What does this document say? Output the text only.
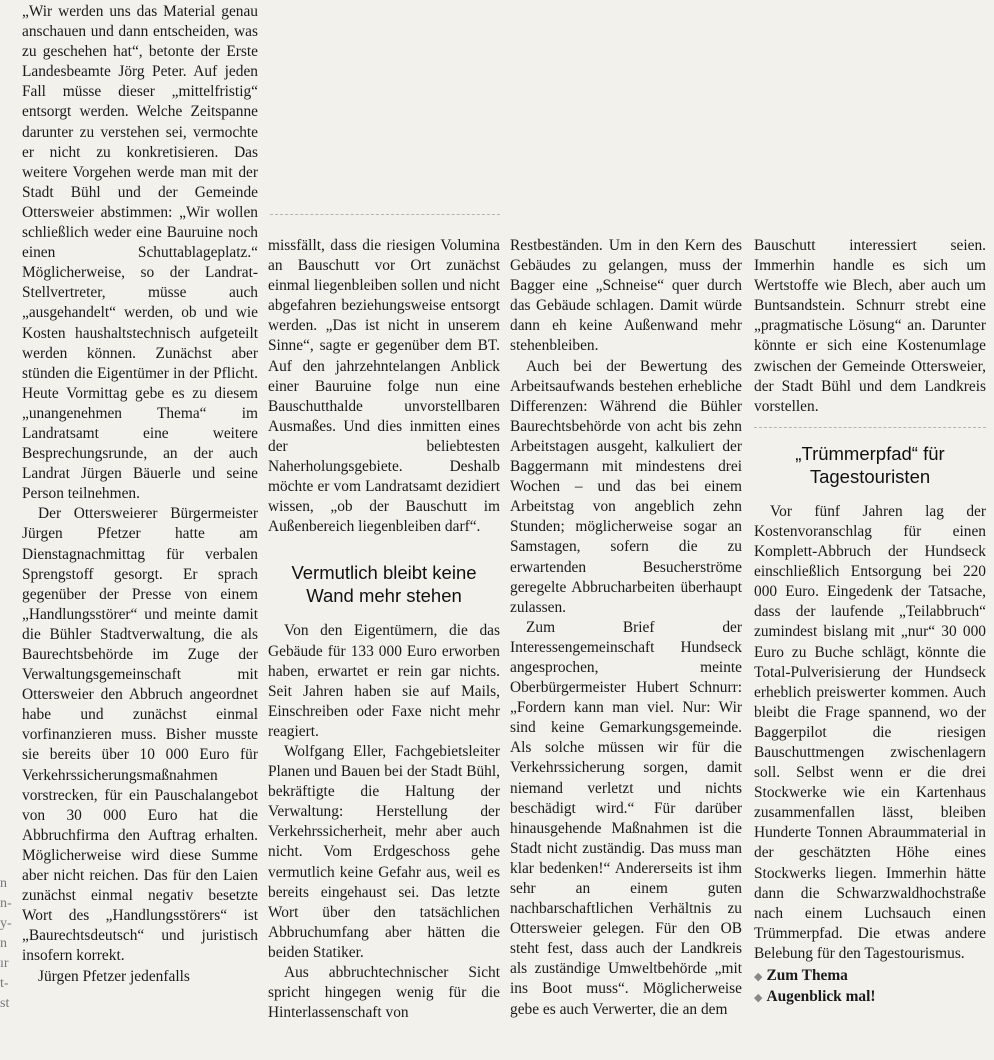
n
n-
y-
n
ır
t-
st

„Wir werden uns das Material genau anschauen und dann entscheiden, was zu geschehen hat“, betonte der Erste Landesbeamte Jörg Peter. Auf jeden Fall müsse dieser „mittelfristig“ entsorgt werden. Welche Zeitspanne darunter zu verstehen sei, vermochte er nicht zu konkretisieren. Das weitere Vorgehen werde man mit der Stadt Bühl und der Gemeinde Ottersweier abstimmen: „Wir wollen schließlich weder eine Bauruine noch einen Schuttablageplatz.“ Möglicherweise, so der Landrat-Stellvertreter, müsse auch „ausgehandelt“ werden, ob und wie Kosten haushaltstechnisch aufgeteilt werden können. Zunächst aber stünden die Eigentümer in der Pflicht. Heute Vormittag gebe es zu diesem „unangenehmen Thema“ im Landratsamt eine weitere Besprechungsrunde, an der auch Landrat Jürgen Bäuerle und seine Person teilnehmen.

Der Ottersweierer Bürgermeister Jürgen Pfetzer hatte am Dienstagnachmittag für verbalen Sprengstoff gesorgt. Er sprach gegenüber der Presse von einem „Handlungsstörer“ und meinte damit die Bühler Stadtverwaltung, die als Baurechtsbehörde im Zuge der Verwaltungsgemeinschaft mit Ottersweier den Abbruch angeordnet habe und zunächst einmal vorfinanzieren muss. Bisher musste sie bereits über 10 000 Euro für Verkehrssicherungsmaßnahmen vorstrecken, für ein Pauschalangebot von 30 000 Euro hat die Abbruchfirma den Auftrag erhalten. Möglicherweise wird diese Summe aber nicht reichen. Das für den Laien zunächst einmal negativ besetzte Wort des „Handlungsstörers“ ist „Baurechtsdeutsch“ und juristisch insofern korrekt.

Jürgen Pfetzer jedenfalls

missfällt, dass die riesigen Volumina an Bauschutt vor Ort zunächst einmal liegenbleiben sollen und nicht abgefahren beziehungsweise entsorgt werden. „Das ist nicht in unserem Sinne“, sagte er gegenüber dem BT. Auf den jahrzehntelangen Anblick einer Bauruine folge nun eine Bauschutthalde unvorstellbaren Ausmaßes. Und dies inmitten eines der beliebtesten Naherholungsgebiete. Deshalb möchte er vom Landratsamt dezidiert wissen, „ob der Bauschutt im Außenbereich liegenbleiben darf“.

Vermutlich bleibt keine Wand mehr stehen

Von den Eigentümern, die das Gebäude für 133 000 Euro erworben haben, erwartet er rein gar nichts. Seit Jahren haben sie auf Mails, Einschreiben oder Faxe nicht mehr reagiert.

Wolfgang Eller, Fachgebietsleiter Planen und Bauen bei der Stadt Bühl, bekräftigte die Haltung der Verwaltung: Herstellung der Verkehrssicherheit, mehr aber auch nicht. Vom Erdgeschoss gehe vermutlich keine Gefahr aus, weil es bereits eingehaust sei. Das letzte Wort über den tatsächlichen Abbruchumfang aber hätten die beiden Statiker.

Aus abbruchtechnischer Sicht spricht hingegen wenig für die Hinterlassenschaft von

Restbeständen. Um in den Kern des Gebäudes zu gelangen, muss der Bagger eine „Schneise“ quer durch das Gebäude schlagen. Damit würde dann eh keine Außenwand mehr stehenbleiben.

Auch bei der Bewertung des Arbeitsaufwands bestehen erhebliche Differenzen: Während die Bühler Baurechtsbehörde von acht bis zehn Arbeitstagen ausgeht, kalkuliert der Baggermann mit mindestens drei Wochen – und das bei einem Arbeitstag von angeblich zehn Stunden; möglicherweise sogar an Samstagen, sofern die zu erwartenden Besucherströme geregelte Abbrucharbeiten überhaupt zulassen.

Zum Brief der Interessengemeinschaft Hundseck angesprochen, meinte Oberbürgermeister Hubert Schnurr: „Fordern kann man viel. Nur: Wir sind keine Gemarkungsgemeinde. Als solche müssen wir für die Verkehrssicherung sorgen, damit niemand verletzt und nichts beschädigt wird.“ Für darüber hinausgehende Maßnahmen ist die Stadt nicht zuständig. Das muss man klar bedenken!“ Andererseits ist ihm sehr an einem guten nachbarschaftlichen Verhältnis zu Ottersweier gelegen. Für den OB steht fest, dass auch der Landkreis als zuständige Umweltbehörde „mit ins Boot muss“. Möglicherweise gebe es auch Verwerter, die an dem

Bauschutt interessiert seien. Immerhin handle es sich um Wertstoffe wie Blech, aber auch um Buntsandstein. Schnurr strebt eine „pragmatische Lösung“ an. Darunter könnte er sich eine Kostenumlage zwischen der Gemeinde Ottersweier, der Stadt Bühl und dem Landkreis vorstellen.

„Trümmerpfad“ für Tagestouristen

Vor fünf Jahren lag der Kostenvoranschlag für einen Komplett-Abbruch der Hundseck einschließlich Entsorgung bei 220 000 Euro. Eingedenk der Tatsache, dass der laufende „Teilabbruch“ zumindest bislang mit „nur“ 30 000 Euro zu Buche schlägt, könnte die Total-Pulverisierung der Hundseck erheblich preiswerter kommen. Auch bleibt die Frage spannend, wo der Baggerpilot die riesigen Bauschuttmengen zwischenlagern soll. Selbst wenn er die drei Stockwerke wie ein Kartenhaus zusammenfallen lässt, bleiben Hunderte Tonnen Abraummaterial in der geschätzten Höhe eines Stockwerks liegen. Immerhin hätte dann die Schwarzwaldhochstraße nach einem Luchsauch einen Trümmerpfad. Die etwas andere Belebung für den Tagestourismus.

◆ Zum Thema
◆ Augenblick mal!
